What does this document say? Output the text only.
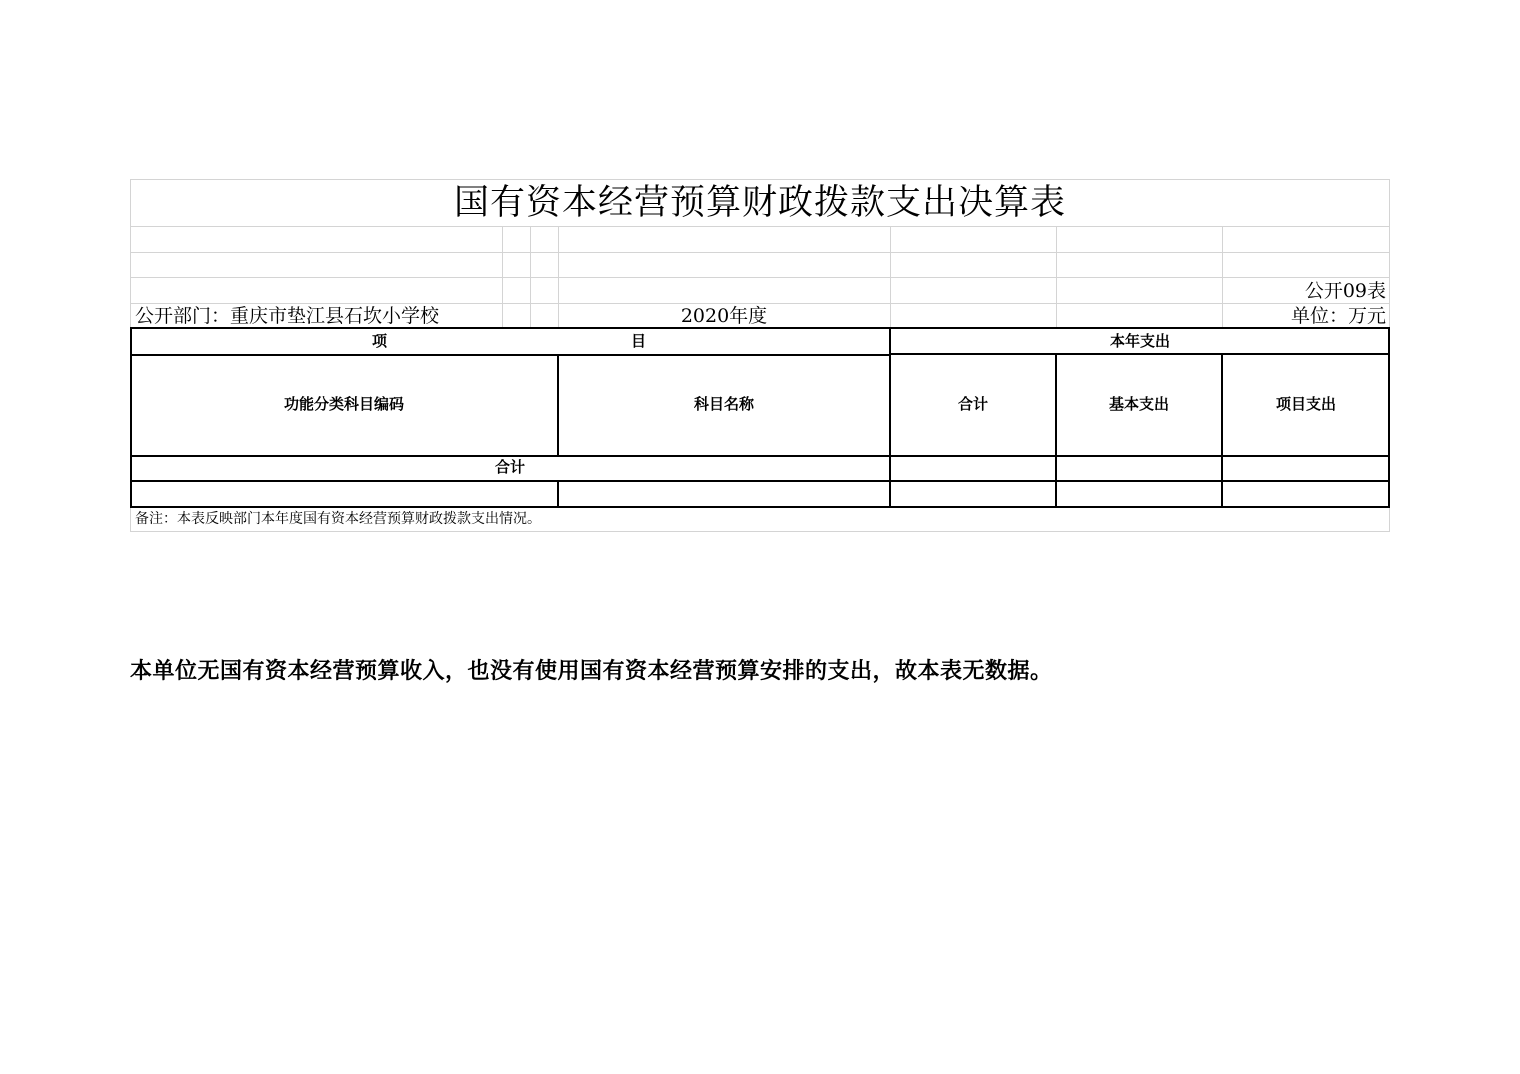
国有资本经营预算财政拨款支出决算表
公开09表
公开部门：重庆市垫江县石坎小学校	2020年度	单位：万元
项	目	本年支出
功能分类科目编码	科目名称	合计	基本支出	项目支出
合计
备注：本表反映部门本年度国有资本经营预算财政拨款支出情况。
本单位无国有资本经营预算收入，也没有使用国有资本经营预算安排的支出，故本表无数据。
